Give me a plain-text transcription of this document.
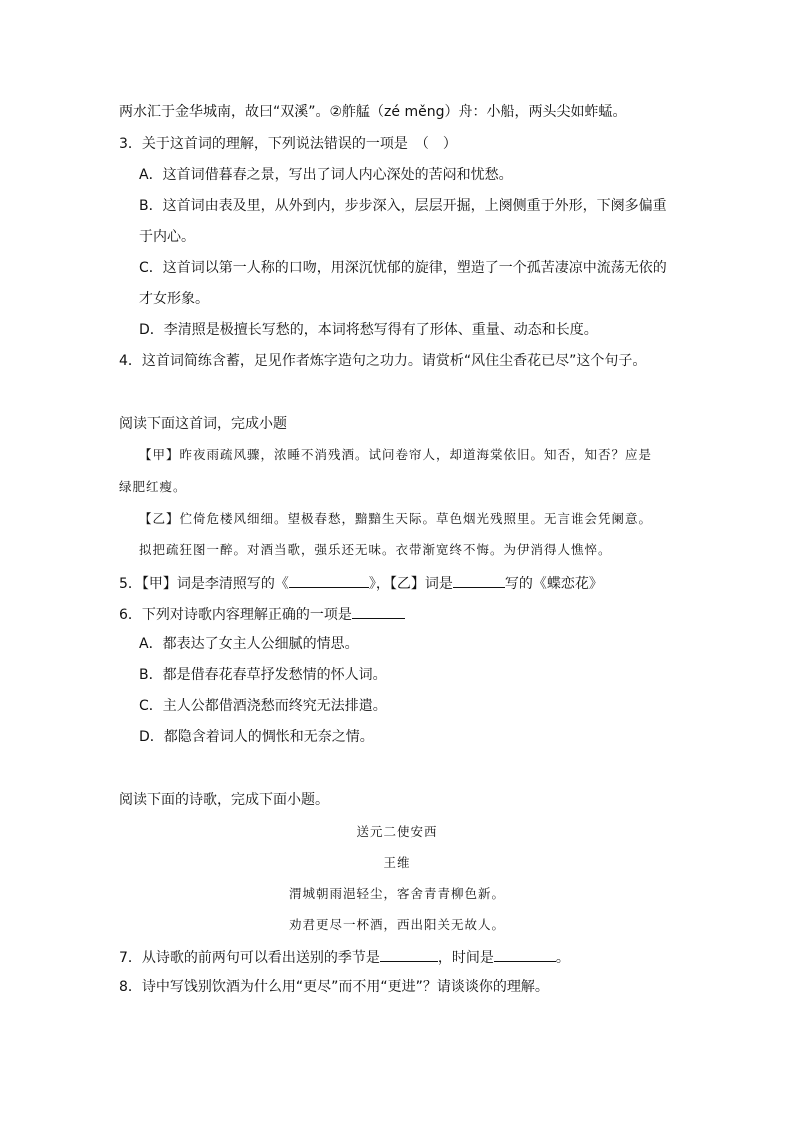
两水汇于金华城南，故曰“双溪”。②舴艋（zé měng）舟：小船，两头尖如蚱蜢。
3．关于这首词的理解，下列说法错误的一项是　（　）
A．这首词借暮春之景，写出了词人内心深处的苦闷和忧愁。
B．这首词由表及里，从外到内，步步深入，层层开掘，上阕侧重于外形，下阕多偏重
于内心。
C．这首词以第一人称的口吻，用深沉忧郁的旋律，塑造了一个孤苦凄凉中流荡无依的
才女形象。
D．李清照是极擅长写愁的，本词将愁写得有了形体、重量、动态和长度。
4．这首词简练含蓄，足见作者炼字造句之功力。请赏析“风住尘香花已尽”这个句子。
阅读下面这首词，完成小题
【甲】昨夜雨疏风骤，浓睡不消残酒。试问卷帘人，却道海棠依旧。知否，知否？应是
绿肥红瘦。
【乙】伫倚危楼风细细。望极春愁，黯黯生天际。草色烟光残照里。无言谁会凭阑意。
拟把疏狂图一醉。对酒当歌，强乐还无味。衣带渐宽终不悔。为伊消得人憔悴。
5．【甲】词是李清照写的《	》，【乙】词是	写的《蝶恋花》
6．下列对诗歌内容理解正确的一项是
A．都表达了女主人公细腻的情思。
B．都是借春花春草抒发愁情的怀人词。
C．主人公都借酒浇愁而终究无法排遣。
D．都隐含着词人的惆怅和无奈之情。
阅读下面的诗歌，完成下面小题。
送元二使安西
王维
渭城朝雨浥轻尘，客舍青青柳色新。
劝君更尽一杯酒，西出阳关无故人。
7．从诗歌的前两句可以看出送别的季节是	，时间是	。
8．诗中写饯别饮酒为什么用“更尽”而不用“更进”？请谈谈你的理解。
